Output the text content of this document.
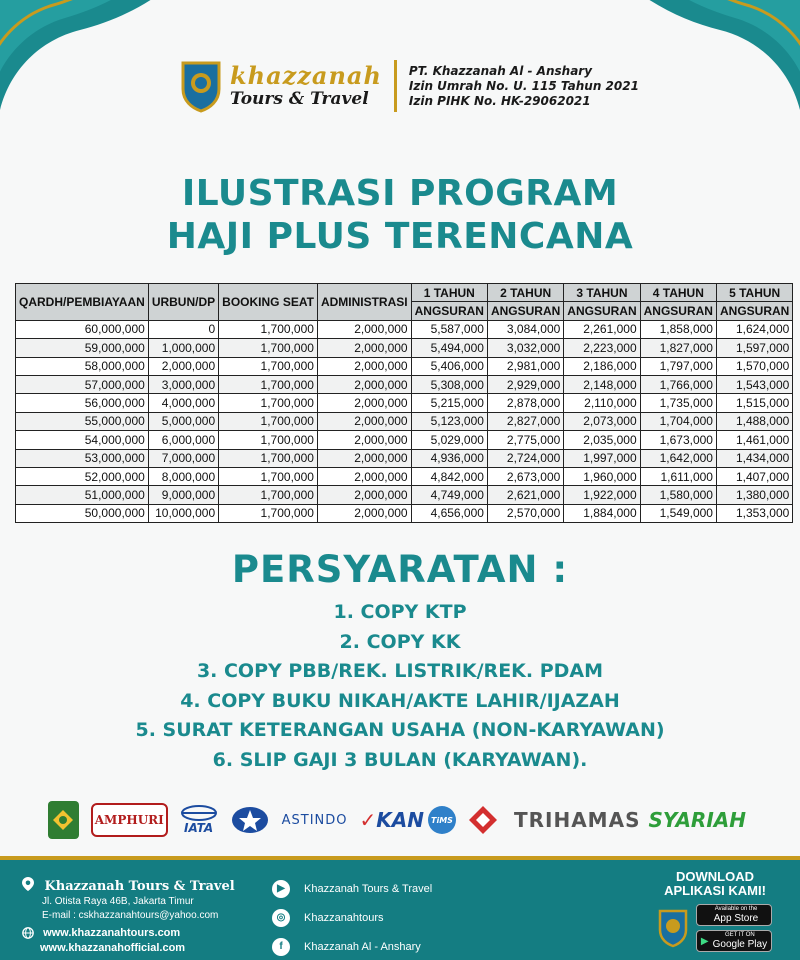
khazzanah
Tours & Travel
PT. Khazzanah Al - Anshary
Izin Umrah No. U. 115 Tahun 2021
Izin PIHK No. HK-29062021
ILUSTRASI PROGRAM
HAJI PLUS TERENCANA
QARDH/PEMBIAYAAN	URBUN/DP	BOOKING SEAT	ADMINISTRASI	1 TAHUN	2 TAHUN	3 TAHUN	4 TAHUN	5 TAHUN
				ANGSURAN	ANGSURAN	ANGSURAN	ANGSURAN	ANGSURAN
60,000,000	0	1,700,000	2,000,000	5,587,000	3,084,000	2,261,000	1,858,000	1,624,000
59,000,000	1,000,000	1,700,000	2,000,000	5,494,000	3,032,000	2,223,000	1,827,000	1,597,000
58,000,000	2,000,000	1,700,000	2,000,000	5,406,000	2,981,000	2,186,000	1,797,000	1,570,000
57,000,000	3,000,000	1,700,000	2,000,000	5,308,000	2,929,000	2,148,000	1,766,000	1,543,000
56,000,000	4,000,000	1,700,000	2,000,000	5,215,000	2,878,000	2,110,000	1,735,000	1,515,000
55,000,000	5,000,000	1,700,000	2,000,000	5,123,000	2,827,000	2,073,000	1,704,000	1,488,000
54,000,000	6,000,000	1,700,000	2,000,000	5,029,000	2,775,000	2,035,000	1,673,000	1,461,000
53,000,000	7,000,000	1,700,000	2,000,000	4,936,000	2,724,000	1,997,000	1,642,000	1,434,000
52,000,000	8,000,000	1,700,000	2,000,000	4,842,000	2,673,000	1,960,000	1,611,000	1,407,000
51,000,000	9,000,000	1,700,000	2,000,000	4,749,000	2,621,000	1,922,000	1,580,000	1,380,000
50,000,000	10,000,000	1,700,000	2,000,000	4,656,000	2,570,000	1,884,000	1,549,000	1,353,000
PERSYARATAN :
1. COPY KTP
2. COPY KK
3. COPY PBB/REK. LISTRIK/REK. PDAM
4. COPY BUKU NIKAH/AKTE LAHIR/IJAZAH
5. SURAT KETERANGAN USAHA (NON-KARYAWAN)
6. SLIP GAJI 3 BULAN (KARYAWAN).
AMPHURI
IATA
ASTINDO ✓ KAN TiMS	TRIHAMAS SYARIAH
Khazzanah Tours & Travel
Jl. Otista Raya 46B, Jakarta Timur
E-mail : cskhazzanahtours@yahoo.com
www.khazzanahtours.com
www.khazzanahofficial.com
▶	Khazzanah Tours & Travel
◎	Khazzanahtours
f	Khazzanah Al - Anshary
DOWNLOAD
APLIKASI KAMI!
Available on the
App Store
▶
GET IT ON
Google Play
